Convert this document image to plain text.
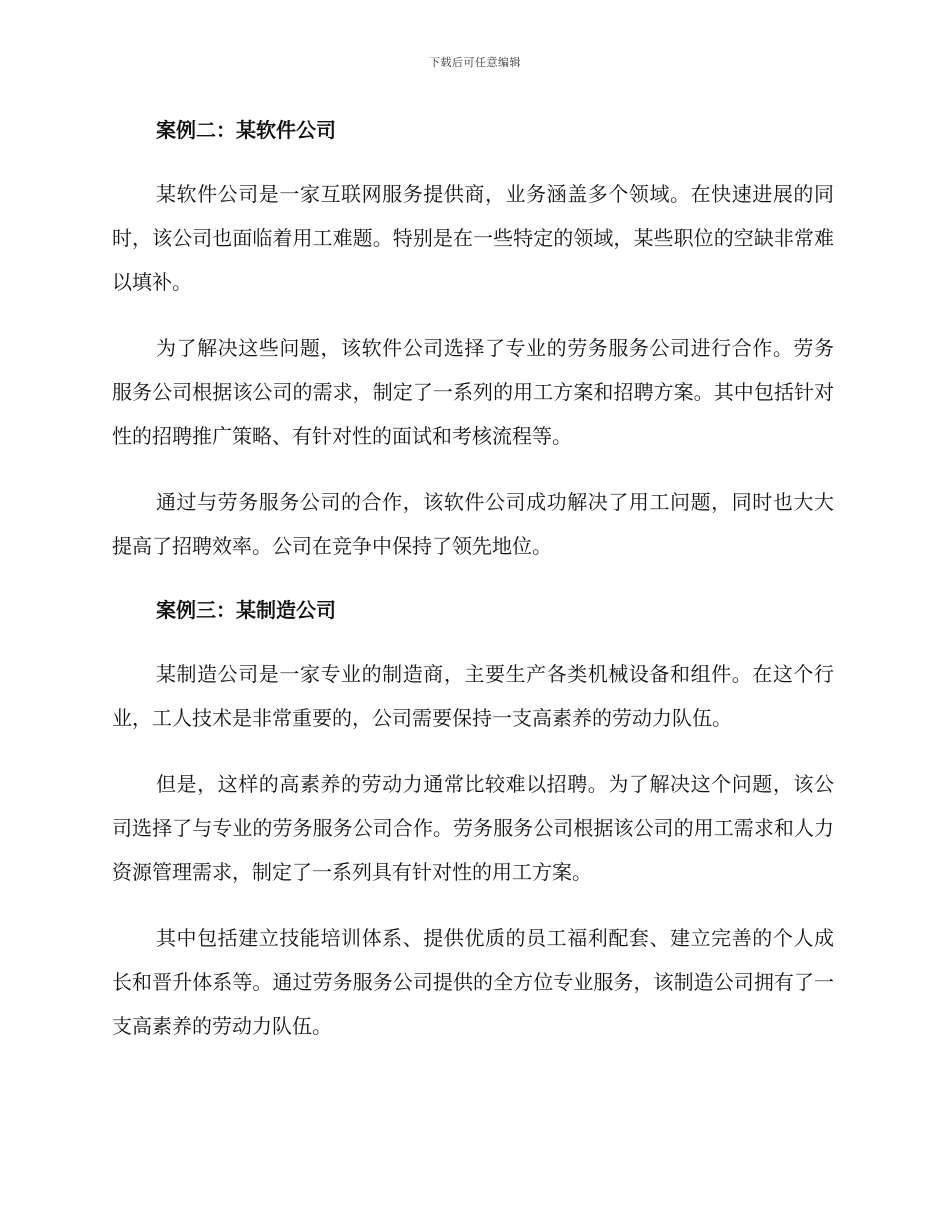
下载后可任意编辑
案例二：某软件公司

某软件公司是一家互联网服务提供商，业务涵盖多个领域。在快速进展的同时，该公司也面临着用工难题。特别是在一些特定的领域，某些职位的空缺非常难以填补。

为了解决这些问题，该软件公司选择了专业的劳务服务公司进行合作。劳务服务公司根据该公司的需求，制定了一系列的用工方案和招聘方案。其中包括针对性的招聘推广策略、有针对性的面试和考核流程等。

通过与劳务服务公司的合作，该软件公司成功解决了用工问题，同时也大大提高了招聘效率。公司在竞争中保持了领先地位。

案例三：某制造公司

某制造公司是一家专业的制造商，主要生产各类机械设备和组件。在这个行业，工人技术是非常重要的，公司需要保持一支高素养的劳动力队伍。

但是，这样的高素养的劳动力通常比较难以招聘。为了解决这个问题，该公司选择了与专业的劳务服务公司合作。劳务服务公司根据该公司的用工需求和人力资源管理需求，制定了一系列具有针对性的用工方案。

其中包括建立技能培训体系、提供优质的员工福利配套、建立完善的个人成长和晋升体系等。通过劳务服务公司提供的全方位专业服务，该制造公司拥有了一支高素养的劳动力队伍。
